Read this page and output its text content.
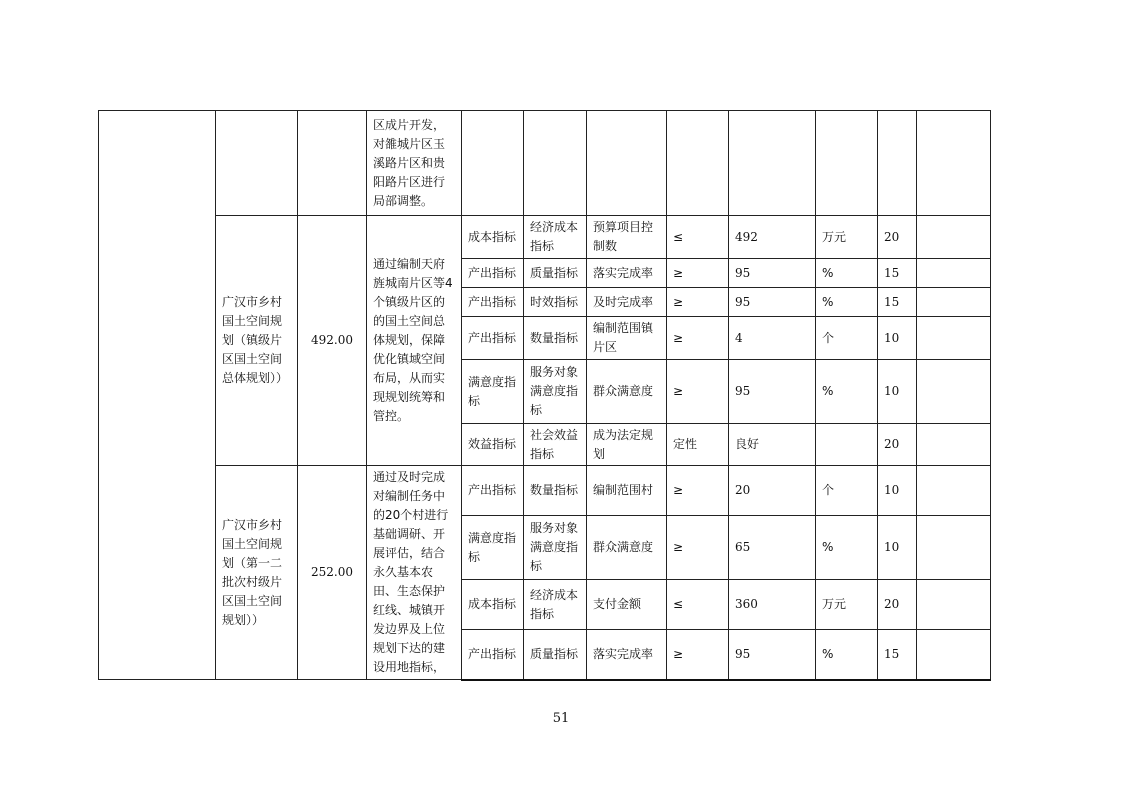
			区成片开发，对雒城片区玉溪路片区和贵阳路片区进行局部调整。								
	广汉市乡村国土空间规划（镇级片区国土空间总体规划））	492.00	通过编制天府旌城南片区等4个镇级片区的的国土空间总体规划，保障优化镇域空间布局，从而实现规划统筹和管控。	成本指标	经济成本指标	预算项目控制数	≤	492	万元	20	
				产出指标	质量指标	落实完成率	≥	95	%	15	
				产出指标	时效指标	及时完成率	≥	95	%	15	
				产出指标	数量指标	编制范围镇片区	≥	4	个	10	
				满意度指标	服务对象满意度指标	群众满意度	≥	95	%	10	
				效益指标	社会效益指标	成为法定规划	定性	良好		20	
	广汉市乡村国土空间规划（第一二批次村级片区国土空间规划））	252.00	通过及时完成对编制任务中的20个村进行基础调研、开展评估，结合永久基本农田、生态保护红线、城镇开发边界及上位规划下达的建设用地指标，	产出指标	数量指标	编制范围村	≥	20	个	10	
				满意度指标	服务对象满意度指标	群众满意度	≥	65	%	10	
				成本指标	经济成本指标	支付金额	≤	360	万元	20	
				产出指标	质量指标	落实完成率	≥	95	%	15	
51
